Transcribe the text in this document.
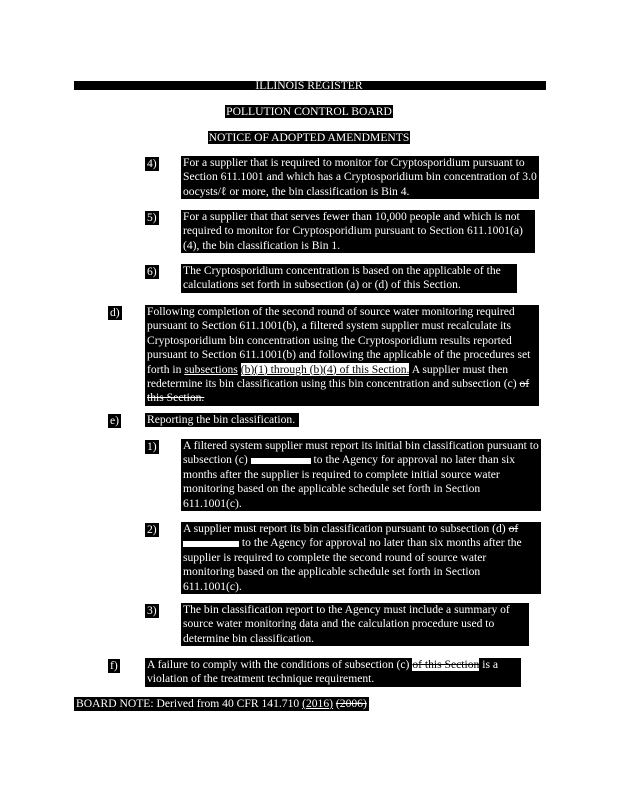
ILLINOIS REGISTER
POLLUTION CONTROL BOARD
NOTICE OF ADOPTED AMENDMENTS
4) For a supplier that is required to monitor for Cryptosporidium pursuant to Section 611.1001 and which has a Cryptosporidium bin concentration of 3.0 oocysts/ℓ or more, the bin classification is Bin 4.
5) For a supplier that that serves fewer than 10,000 people and which is not required to monitor for Cryptosporidium pursuant to Section 611.1001(a)(4), the bin classification is Bin 1.
6) The Cryptosporidium concentration is based on the applicable of the calculations set forth in subsection (a) or (d) of this Section.
d) Following completion of the second round of source water monitoring required pursuant to Section 611.1001(b), a filtered system supplier must recalculate its Cryptosporidium bin concentration using the Cryptosporidium results reported pursuant to Section 611.1001(b) and following the applicable of the procedures set forth in subsections (b)(1) through (b)(4) of this Section. A supplier must then redetermine its bin classification using this bin concentration and subsection (c) of this Section.
e) Reporting the bin classification.
1) A filtered system supplier must report its initial bin classification pursuant to subsection (c)	to the Agency for approval no later than six months after the supplier is required to complete initial source water monitoring based on the applicable schedule set forth in Section 611.1001(c).
2) A supplier must report its bin classification pursuant to subsection (d) of  to the Agency for approval no later than six months after the supplier is required to complete the second round of source water monitoring based on the applicable schedule set forth in Section 611.1001(c).
3) The bin classification report to the Agency must include a summary of source water monitoring data and the calculation procedure used to determine bin classification.
f)	A failure to comply with the conditions of subsection (c) of this Section is a violation of the treatment technique requirement.
BOARD NOTE: Derived from 40 CFR 141.710 (2016) (2006)
